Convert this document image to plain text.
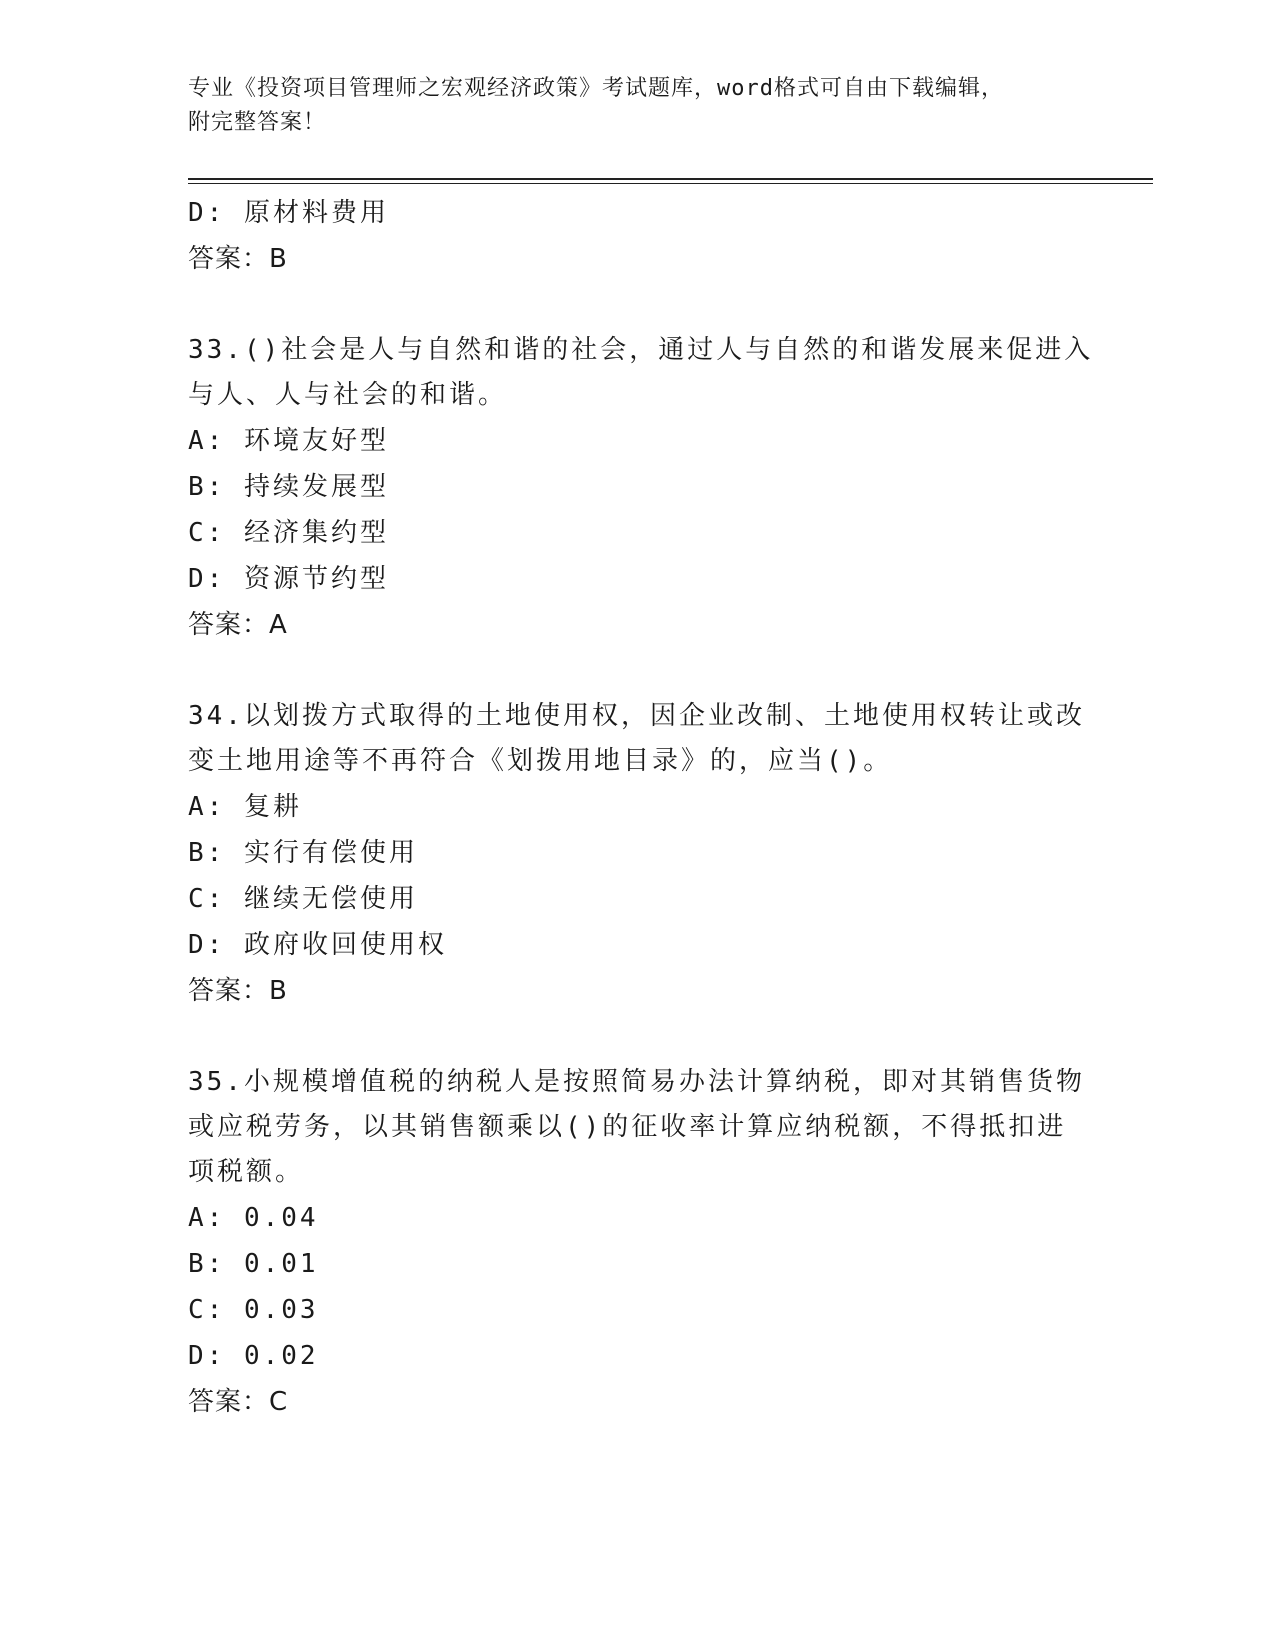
专业《投资项目管理师之宏观经济政策》考试题库，word格式可自由下载编辑，
附完整答案！
D: 原材料费用
答案：B
33.()社会是人与自然和谐的社会，通过人与自然的和谐发展来促进入
与人、人与社会的和谐。
A: 环境友好型
B: 持续发展型
C: 经济集约型
D: 资源节约型
答案：A
34.以划拨方式取得的土地使用权，因企业改制、土地使用权转让或改
变土地用途等不再符合《划拨用地目录》的，应当()。
A: 复耕
B: 实行有偿使用
C: 继续无偿使用
D: 政府收回使用权
答案：B
35.小规模增值税的纳税人是按照简易办法计算纳税，即对其销售货物
或应税劳务，以其销售额乘以()的征收率计算应纳税额，不得抵扣进
项税额。
A: 0.04
B: 0.01
C: 0.03
D: 0.02
答案：C
